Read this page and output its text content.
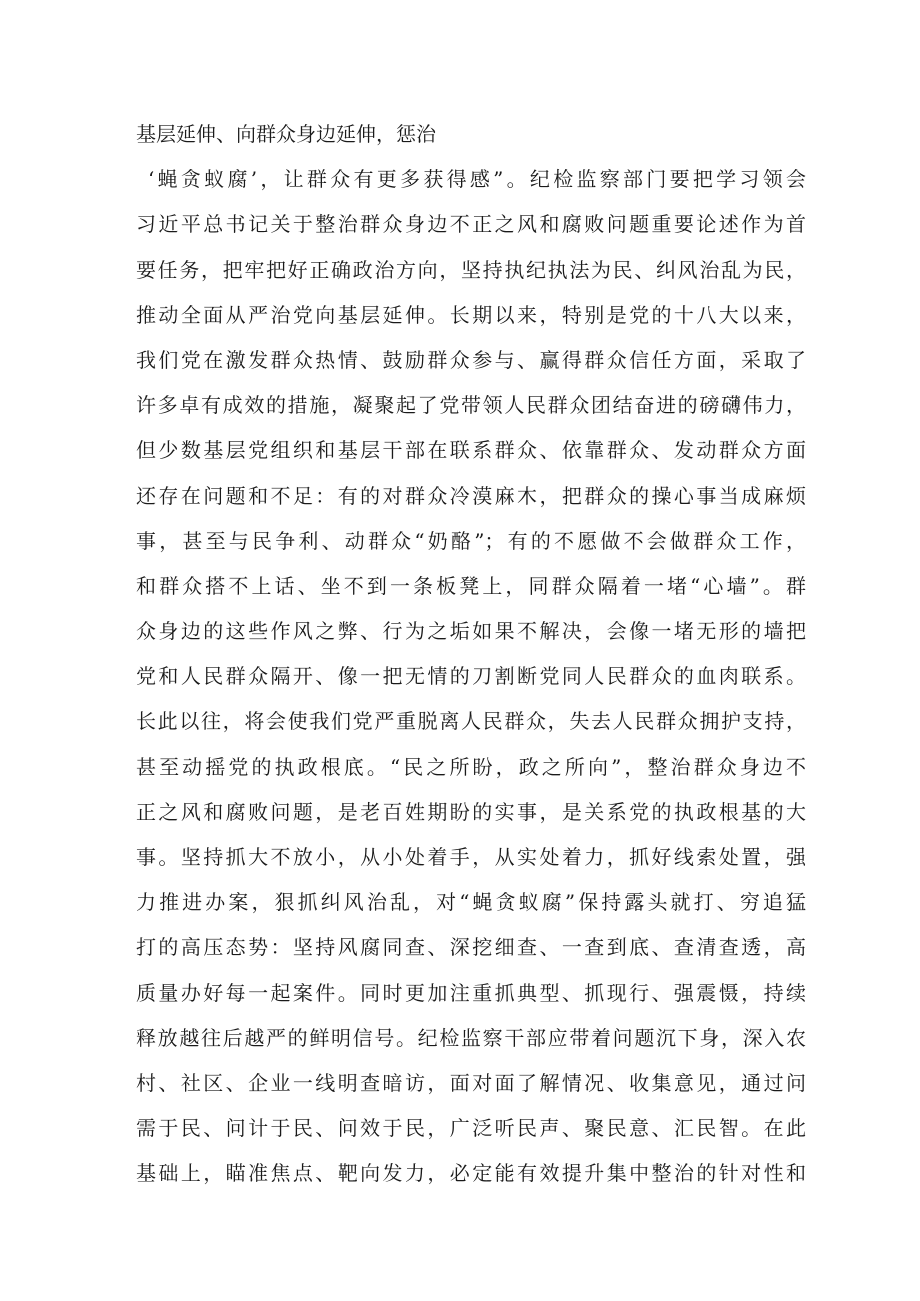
基层延伸、向群众身边延伸，惩治
‘蝇贪蚁腐’，让群众有更多获得感”。纪检监察部门要把学习领会
习近平总书记关于整治群众身边不正之风和腐败问题重要论述作为首
要任务，把牢把好正确政治方向，坚持执纪执法为民、纠风治乱为民，
推动全面从严治党向基层延伸。长期以来，特别是党的十八大以来，
我们党在激发群众热情、鼓励群众参与、赢得群众信任方面，采取了
许多卓有成效的措施，凝聚起了党带领人民群众团结奋进的磅礴伟力，
但少数基层党组织和基层干部在联系群众、依靠群众、发动群众方面
还存在问题和不足：有的对群众冷漠麻木，把群众的操心事当成麻烦
事，甚至与民争利、动群众“奶酪”；有的不愿做不会做群众工作，
和群众搭不上话、坐不到一条板凳上，同群众隔着一堵“心墙”。群
众身边的这些作风之弊、行为之垢如果不解决，会像一堵无形的墙把
党和人民群众隔开、像一把无情的刀割断党同人民群众的血肉联系。
长此以往，将会使我们党严重脱离人民群众，失去人民群众拥护支持，
甚至动摇党的执政根底。“民之所盼，政之所向”，整治群众身边不
正之风和腐败问题，是老百姓期盼的实事，是关系党的执政根基的大
事。坚持抓大不放小，从小处着手，从实处着力，抓好线索处置，强
力推进办案，狠抓纠风治乱，对“蝇贪蚁腐”保持露头就打、穷追猛
打的高压态势：坚持风腐同查、深挖细查、一查到底、查清查透，高
质量办好每一起案件。同时更加注重抓典型、抓现行、强震慑，持续
释放越往后越严的鲜明信号。纪检监察干部应带着问题沉下身，深入农
村、社区、企业一线明查暗访，面对面了解情况、收集意见，通过问
需于民、问计于民、问效于民，广泛听民声、聚民意、汇民智。在此
基础上，瞄准焦点、靶向发力，必定能有效提升集中整治的针对性和
